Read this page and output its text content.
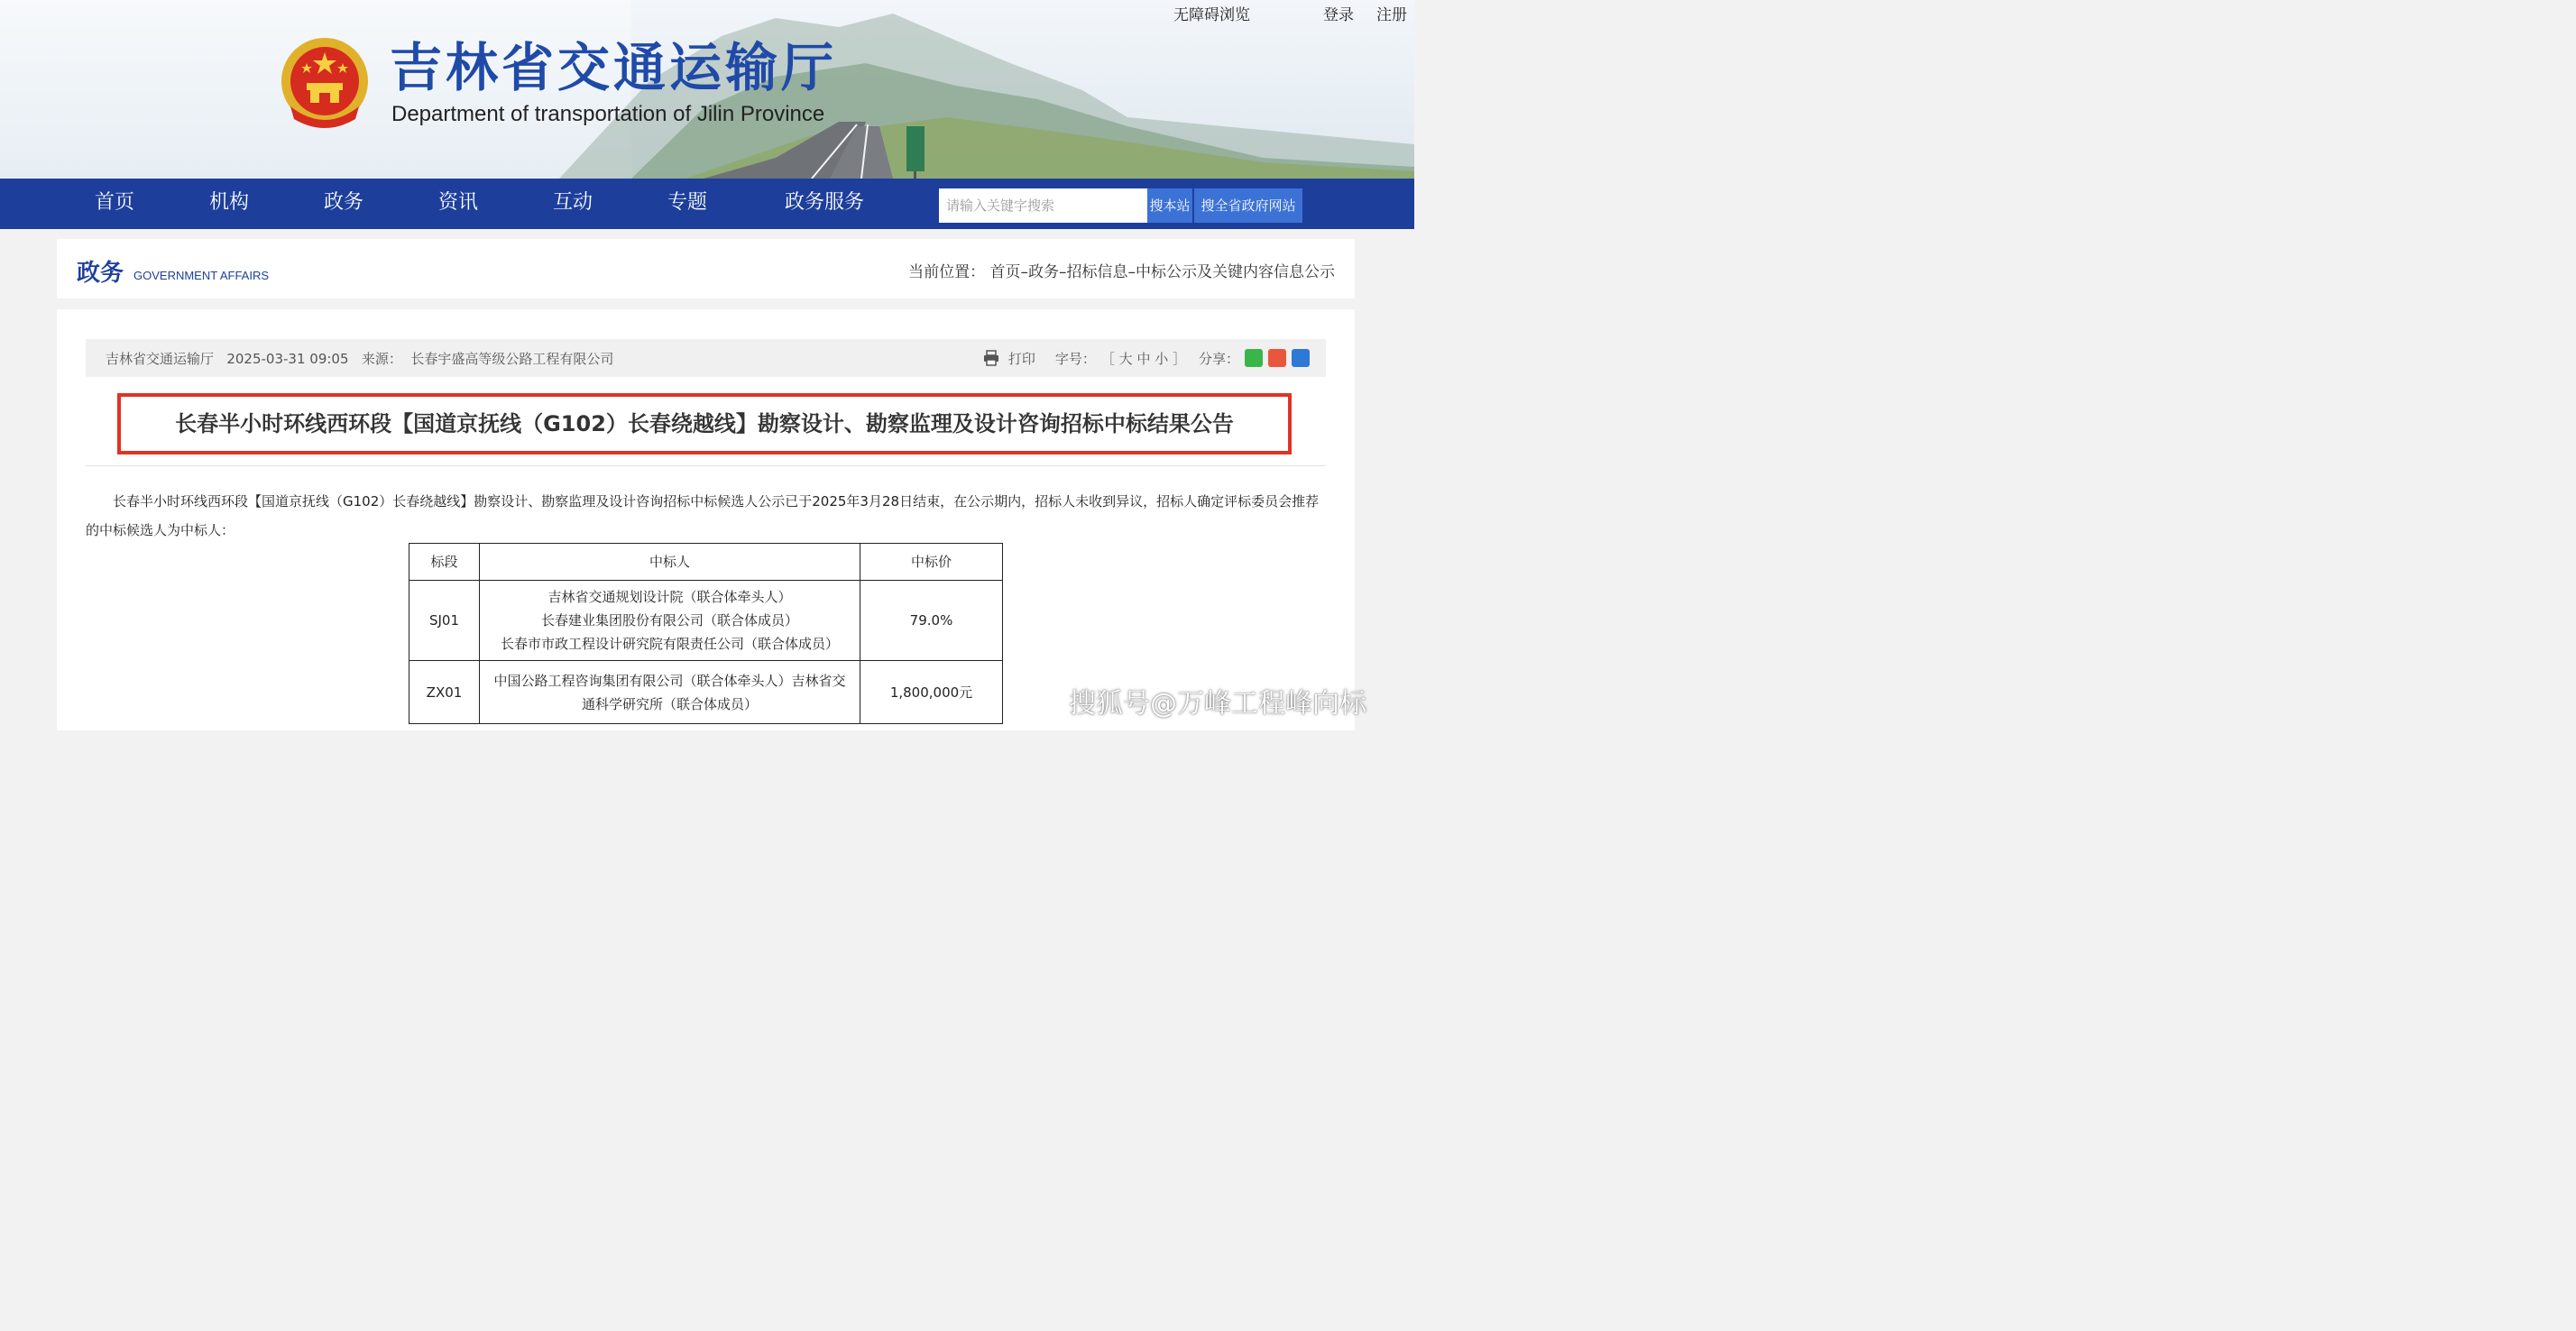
吉林省交通运输厅
Department of transportation of Jilin Province
无障碍浏览	登录 注册
首页	机构	政务	资讯	互动	专题	政务服务	请输入关键字搜索	搜本站 搜全省政府网站
政务 GOVERNMENT AFFAIRS	当前位置： 首页–政务–招标信息–中标公示及关键内容信息公示
吉林省交通运输厅 2025-03-31 09:05 来源： 长春宇盛高等级公路工程有限公司	打印 字号： ［ 大 中 小 ］ 分享：
长春半小时环线西环段【国道京抚线（G102）长春绕越线】勘察设计、勘察监理及设计咨询招标中标结果公告
长春半小时环线西环段【国道京抚线（G102）长春绕越线】勘察设计、勘察监理及设计咨询招标中标候选人公示已于2025年3月28日结束，在公示期内，招标人未收到异议，招标人确定评标委员会推荐的中标候选人为中标人：
标段	中标人	中标价
SJ01	吉林省交通规划设计院（联合体牵头人）
长春建业集团股份有限公司（联合体成员）
长春市市政工程设计研究院有限责任公司（联合体成员）	79.0%
ZX01	中国公路工程咨询集团有限公司（联合体牵头人）吉林省交
通科学研究所（联合体成员）	1,800,000元	搜狐号@万峰工程峰向标
